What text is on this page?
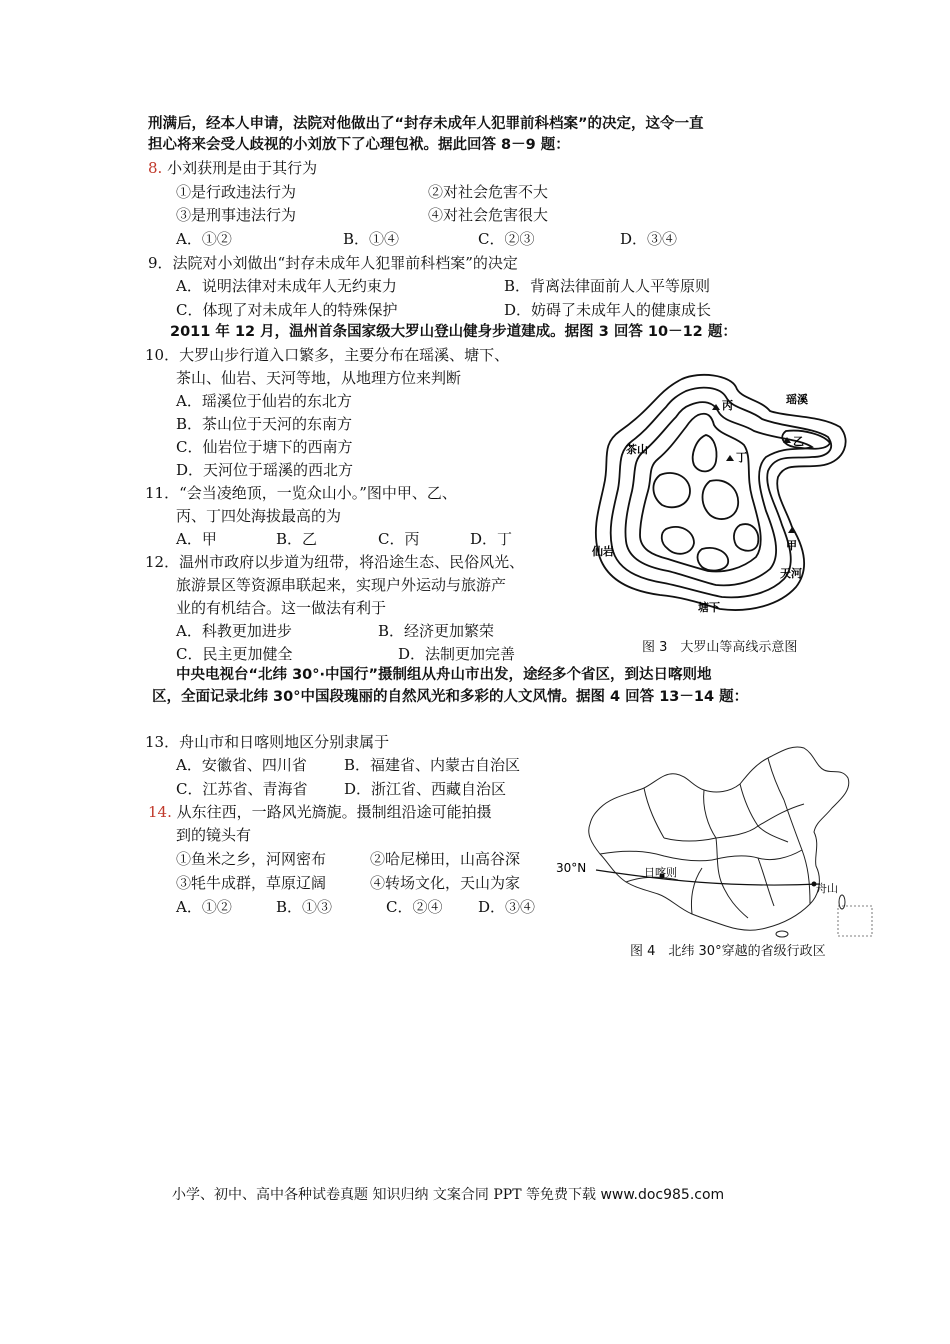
刑满后，经本人申请，法院对他做出了“封存未成年人犯罪前科档案”的决定，这令一直
担心将来会受人歧视的小刘放下了心理包袱。据此回答 8－9 题：
8. 小刘获刑是由于其行为
①是行政违法行为	②对社会危害不大
③是刑事违法行为	④对社会危害很大
A．①②	B．①④	C．②③	D．③④
9．法院对小刘做出“封存未成年人犯罪前科档案”的决定
A．说明法律对未成年人无约束力	B．背离法律面前人人平等原则
C．体现了对未成年人的特殊保护	D．妨碍了未成年人的健康成长
2011 年 12 月，温州首条国家级大罗山登山健身步道建成。据图 3 回答 10－12 题：
10．大罗山步行道入口繁多，主要分布在瑶溪、塘下、
茶山、仙岩、天河等地，从地理方位来判断
A．瑶溪位于仙岩的东北方
B．茶山位于天河的东南方
C．仙岩位于塘下的西南方
D．天河位于瑶溪的西北方
11．“会当凌绝顶，一览众山小。”图中甲、乙、
丙、丁四处海拔最高的为
A．甲	B．乙	C．丙	D．丁
12．温州市政府以步道为纽带，将沿途生态、民俗风光、
旅游景区等资源串联起来，实现户外运动与旅游产
业的有机结合。这一做法有利于
A．科教更加进步	B．经济更加繁荣
C．民主更加健全	D．法制更加完善
瑶溪
茶山
仙岩
天河
塘下
甲
乙
丙
丁
图 3　大罗山等高线示意图
中央电视台“北纬 30°·中国行”摄制组从舟山市出发，途经多个省区，到达日喀则地
区，全面记录北纬 30°中国段瑰丽的自然风光和多彩的人文风情。据图 4 回答 13－14 题：
13．舟山市和日喀则地区分别隶属于
A．安徽省、四川省 B．福建省、内蒙古自治区
C．江苏省、青海省 D．浙江省、西藏自治区
14. 从东往西，一路风光旖旎。摄制组沿途可能拍摄
到的镜头有
①鱼米之乡，河网密布	②哈尼梯田，山高谷深
③牦牛成群，草原辽阔	④转场文化，天山为家
A．①②	B．①③	C．②④ D．③④
30°N	日喀则
舟山
图 4　北纬 30°穿越的省级行政区
小学、初中、高中各种试卷真题 知识归纳 文案合同 PPT 等免费下载 www.doc985.com
